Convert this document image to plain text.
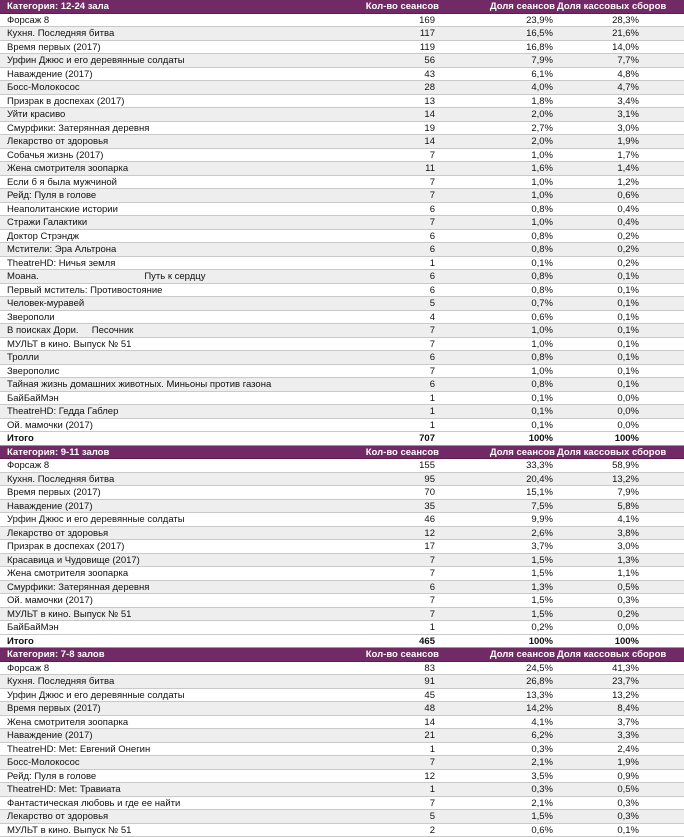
Категория: 12-24 зала	Кол-во сеансов	Доля сеансов Доля кассовых сборов
Форсаж 8	169	23,9%	28,3%
Кухня. Последняя битва	117	16,5%	21,6%
Время первых (2017)	119	16,8%	14,0%
Урфин Джюс и его деревянные солдаты	56	7,9%	7,7%
Наваждение (2017)	43	6,1%	4,8%
Босс-Молокосос	28	4,0%	4,7%
Призрак в доспехах (2017)	13	1,8%	3,4%
Уйти красиво	14	2,0%	3,1%
Смурфики: Затерянная деревня	19	2,7%	3,0%
Лекарство от здоровья	14	2,0%	1,9%
Собачья жизнь (2017)	7	1,0%	1,7%
Жена смотрителя зоопарка	11	1,6%	1,4%
Если б я была мужчиной	7	1,0%	1,2%
Рейд: Пуля в голове	7	1,0%	0,6%
Неаполитанские истории	6	0,8%	0,4%
Стражи Галактики	7	1,0%	0,4%
Доктор Стрэндж	6	0,8%	0,2%
Мстители: Эра Альтрона	6	0,8%	0,2%
TheatreHD: Ничья земля	1	0,1%	0,2%
Моана.                                        Путь к сердцу	6	0,8%	0,1%
Первый мститель: Противостояние	6	0,8%	0,1%
Человек-муравей	5	0,7%	0,1%
Зверополи	4	0,6%	0,1%
В поисках Дори.     Песочник	7	1,0%	0,1%
МУЛЬТ в кино. Выпуск № 51	7	1,0%	0,1%
Тролли	6	0,8%	0,1%
Зверополис	7	1,0%	0,1%
Тайная жизнь домашних животных. Миньоны против газона	6	0,8%	0,1%
БайБайМэн	1	0,1%	0,0%
TheatreHD: Гедда Габлер	1	0,1%	0,0%
Ой. мамочки (2017)	1	0,1%	0,0%
Итого	707	100%	100%
Категория: 9-11 залов	Кол-во сеансов	Доля сеансов Доля кассовых сборов
Форсаж 8	155	33,3%	58,9%
Кухня. Последняя битва	95	20,4%	13,2%
Время первых (2017)	70	15,1%	7,9%
Наваждение (2017)	35	7,5%	5,8%
Урфин Джюс и его деревянные солдаты	46	9,9%	4,1%
Лекарство от здоровья	12	2,6%	3,8%
Призрак в доспехах (2017)	17	3,7%	3,0%
Красавица и Чудовище (2017)	7	1,5%	1,3%
Жена смотрителя зоопарка	7	1,5%	1,1%
Смурфики: Затерянная деревня	6	1,3%	0,5%
Ой. мамочки (2017)	7	1,5%	0,3%
МУЛЬТ в кино. Выпуск № 51	7	1,5%	0,2%
БайБайМэн	1	0,2%	0,0%
Итого	465	100%	100%
Категория: 7-8 залов	Кол-во сеансов	Доля сеансов Доля кассовых сборов
Форсаж 8	83	24,5%	41,3%
Кухня. Последняя битва	91	26,8%	23,7%
Урфин Джюс и его деревянные солдаты	45	13,3%	13,2%
Время первых (2017)	48	14,2%	8,4%
Жена смотрителя зоопарка	14	4,1%	3,7%
Наваждение (2017)	21	6,2%	3,3%
TheatreHD: Met: Евгений Онегин	1	0,3%	2,4%
Босс-Молокосос	7	2,1%	1,9%
Рейд: Пуля в голове	12	3,5%	0,9%
TheatreHD: Met: Травиата	1	0,3%	0,5%
Фантастическая любовь и где ее найти	7	2,1%	0,3%
Лекарство от здоровья	5	1,5%	0,3%
МУЛЬТ в кино. Выпуск № 51	2	0,6%	0,1%
